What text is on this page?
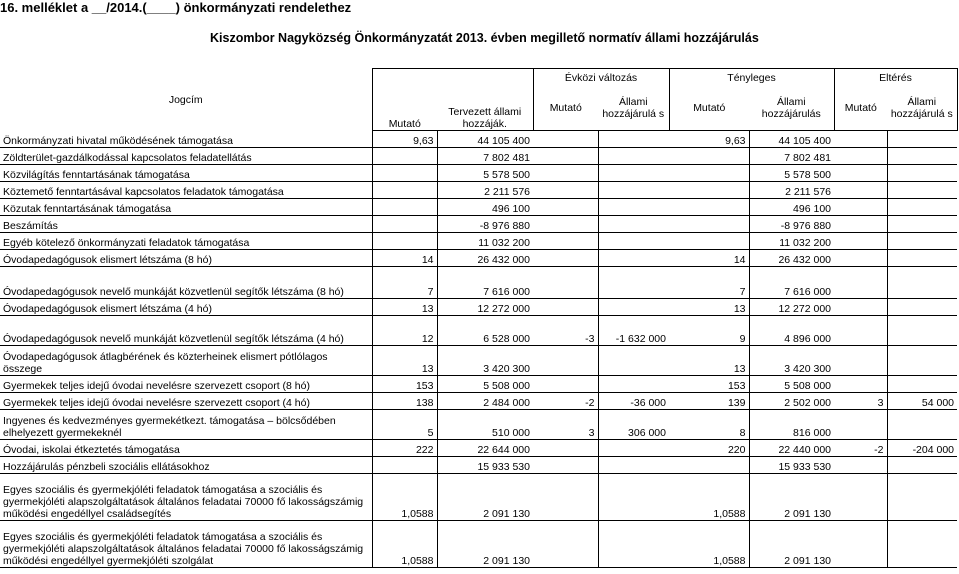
16. melléklet a __/2014.(____) önkormányzati rendelethez
Kiszombor Nagyközség Önkormányzatát 2013. évben megillető normatív állami hozzájárulás
Jogcím			Évközi változás		Tényleges		Eltérés	
	Mutató	Tervezett állami hozzáják.	Mutató	Állami hozzájárulá s	Mutató	Állami hozzájárulás	Mutató	Állami hozzájárulá s
Önkormányzati hivatal működésének támogatása	9,63	44 105 400			9,63	44 105 400		
Zöldterület-gazdálkodással kapcsolatos feladatellátás		7 802 481				7 802 481		
Közvilágítás fenntartásának támogatása		5 578 500				5 578 500		
Köztemető fenntartásával kapcsolatos feladatok támogatása		2 211 576				2 211 576		
Közutak fenntartásának támogatása		496 100				496 100		
Beszámítás		-8 976 880				-8 976 880		
Egyéb kötelező önkormányzati feladatok támogatása		11 032 200				11 032 200		
Óvodapedagógusok elismert létszáma (8 hó)	14	26 432 000			14	26 432 000		
Óvodapedagógusok nevelő munkáját közvetlenül segítők létszáma (8 hó)	7	7 616 000			7	7 616 000		
Óvodapedagógusok elismert létszáma (4 hó)	13	12 272 000			13	12 272 000		
Óvodapedagógusok nevelő munkáját közvetlenül segítők létszáma (4 hó)	12	6 528 000	-3	-1 632 000	9	4 896 000		
Óvodapedagógusok átlagbérének és közterheinek elismert pótlólagos összege	13	3 420 300			13	3 420 300		
Gyermekek teljes idejű óvodai nevelésre szervezett csoport (8 hó)	153	5 508 000			153	5 508 000		
Gyermekek teljes idejű óvodai nevelésre szervezett csoport (4 hó)	138	2 484 000	-2	-36 000	139	2 502 000	3	54 000
Ingyenes és kedvezményes gyermekétkezt. támogatása – bölcsődében elhelyezett gyermekeknél	5	510 000	3	306 000	8	816 000		
Óvodai, iskolai étkeztetés támogatása	222	22 644 000			220	22 440 000	-2	-204 000
Hozzájárulás pénzbeli szociális ellátásokhoz		15 933 530				15 933 530		
Egyes szociális és gyermekjóléti feladatok támogatása a szociális és gyermekjóléti alapszolgáltatások általános feladatai 70000 fő lakosságszámig működési engedéllyel családsegítés	1,0588	2 091 130			1,0588	2 091 130		
Egyes szociális és gyermekjóléti feladatok támogatása a szociális és gyermekjóléti alapszolgáltatások általános feladatai 70000 fő lakosságszámig működési engedéllyel gyermekjóléti szolgálat	1,0588	2 091 130			1,0588	2 091 130		
